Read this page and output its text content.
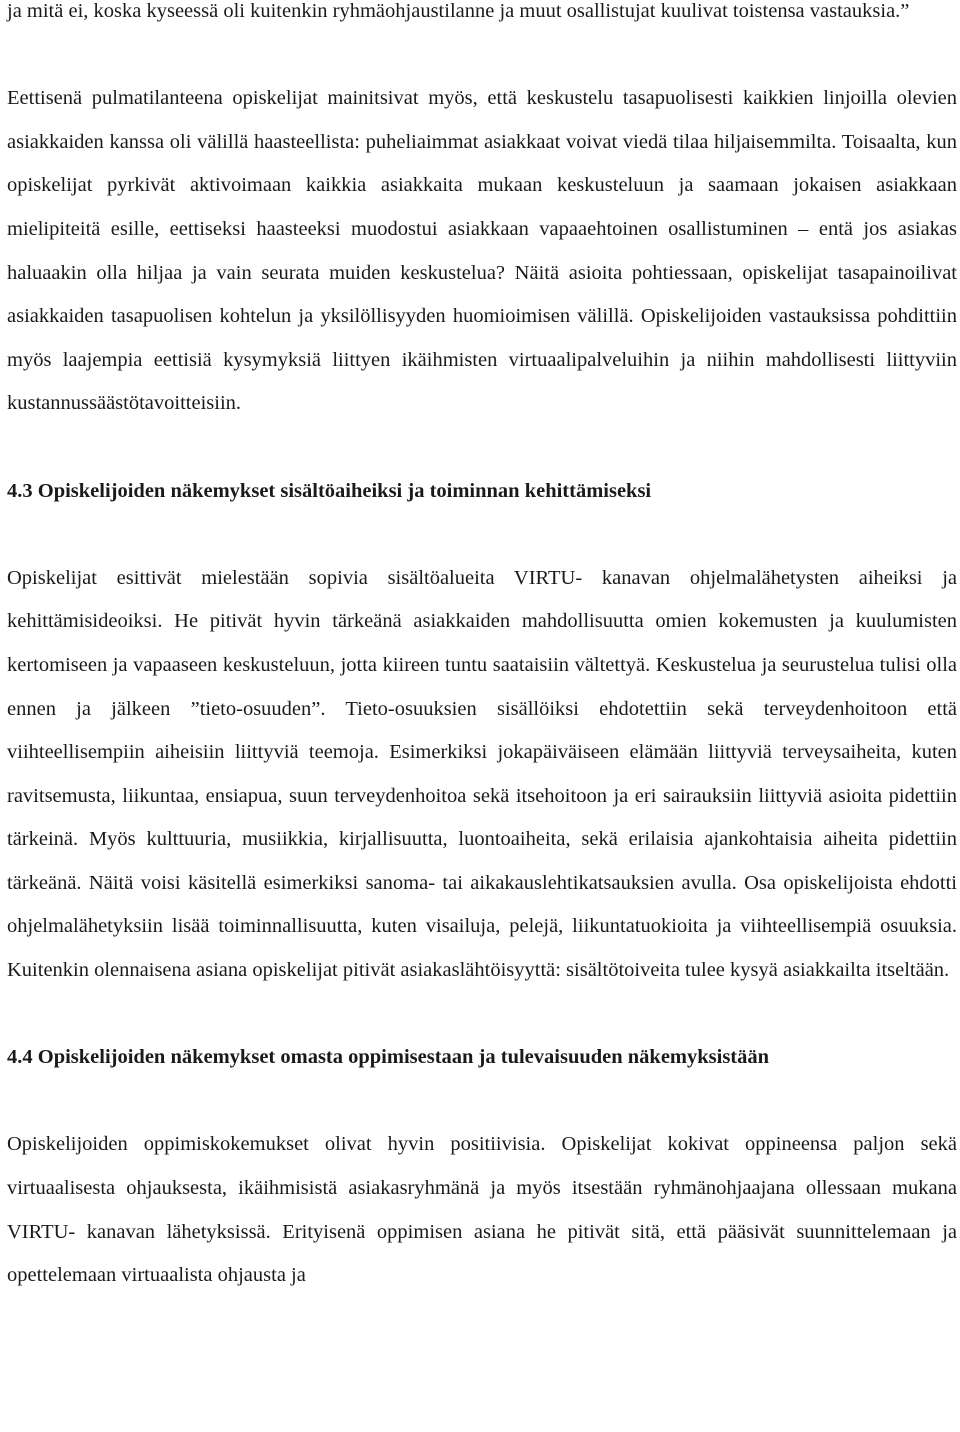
ja mitä ei, koska kyseessä oli kuitenkin ryhmäohjaustilanne ja muut osallistujat kuulivat toistensa vastauksia.”

Eettisenä pulmatilanteena opiskelijat mainitsivat myös, että keskustelu tasapuolisesti kaikkien linjoilla olevien asiakkaiden kanssa oli välillä haasteellista: puheliaimmat asiakkaat voivat viedä tilaa hiljaisemmilta. Toisaalta, kun opiskelijat pyrkivät aktivoimaan kaikkia asiakkaita mukaan keskusteluun ja saamaan jokaisen asiakkaan mielipiteitä esille, eettiseksi haasteeksi muodostui asiakkaan vapaaehtoinen osallistuminen – entä jos asiakas haluaakin olla hiljaa ja vain seurata muiden keskustelua? Näitä asioita pohtiessaan, opiskelijat tasapainoilivat asiakkaiden tasapuolisen kohtelun ja yksilöllisyyden huomioimisen välillä. Opiskelijoiden vastauksissa pohdittiin myös laajempia eettisiä kysymyksiä liittyen ikäihmisten virtuaalipalveluihin ja niihin mahdollisesti liittyviin kustannussäästötavoitteisiin.

4.3 Opiskelijoiden näkemykset sisältöaiheiksi ja toiminnan kehittämiseksi

Opiskelijat esittivät mielestään sopivia sisältöalueita VIRTU- kanavan ohjelmalähetysten aiheiksi ja kehittämisideoiksi. He pitivät hyvin tärkeänä asiakkaiden mahdollisuutta omien kokemusten ja kuulumisten kertomiseen ja vapaaseen keskusteluun, jotta kiireen tuntu saataisiin vältettyä. Keskustelua ja seurustelua tulisi olla ennen ja jälkeen ”tieto-osuuden”. Tieto-osuuksien sisällöiksi ehdotettiin sekä terveydenhoitoon että viihteellisempiin aiheisiin liittyviä teemoja. Esimerkiksi jokapäiväiseen elämään liittyviä terveysaiheita, kuten ravitsemusta, liikuntaa, ensiapua, suun terveydenhoitoa sekä itsehoitoon ja eri sairauksiin liittyviä asioita pidettiin tärkeinä. Myös kulttuuria, musiikkia, kirjallisuutta, luontoaiheita, sekä erilaisia ajankohtaisia aiheita pidettiin tärkeänä. Näitä voisi käsitellä esimerkiksi sanoma- tai aikakauslehtikatsauksien avulla. Osa opiskelijoista ehdotti ohjelmalähetyksiin lisää toiminnallisuutta, kuten visailuja, pelejä, liikuntatuokioita ja viihteellisempiä osuuksia. Kuitenkin olennaisena asiana opiskelijat pitivät asiakaslähtöisyyttä: sisältötoiveita tulee kysyä asiakkailta itseltään.

4.4 Opiskelijoiden näkemykset omasta oppimisestaan ja tulevaisuuden näkemyksistään

Opiskelijoiden oppimiskokemukset olivat hyvin positiivisia. Opiskelijat kokivat oppineensa paljon sekä virtuaalisesta ohjauksesta, ikäihmisistä asiakasryhmänä ja myös itsestään ryhmänohjaajana ollessaan mukana VIRTU- kanavan lähetyksissä. Erityisenä oppimisen asiana he pitivät sitä, että pääsivät suunnittelemaan ja opettelemaan virtuaalista ohjausta ja
